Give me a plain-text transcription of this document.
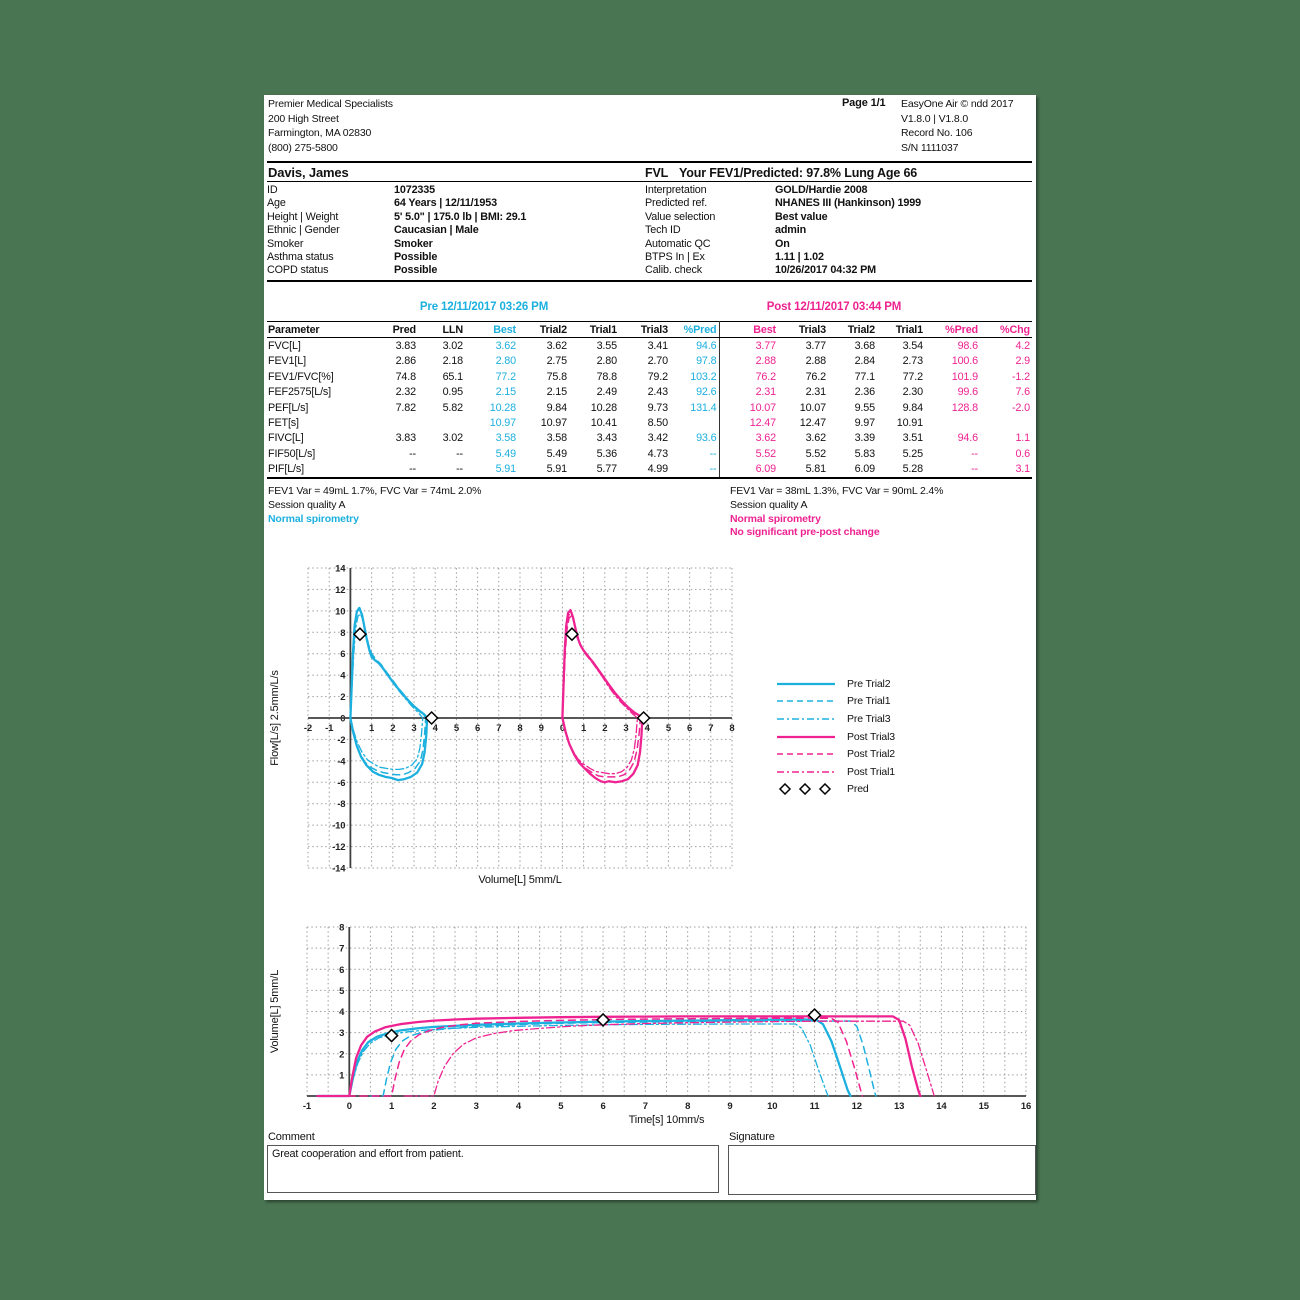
Premier Medical Specialists
200 High Street
Farmington, MA 02830
(800) 275-5800
Page 1/1 EasyOne Air © ndd 2017
V1.8.0 | V1.8.0
Record No. 106
S/N 1111037
Davis, James	FVL Your FEV1/Predicted: 97.8% Lung Age 66
ID	1072335
Age	64 Years | 12/11/1953
Height | Weight	5' 5.0" | 175.0 lb | BMI: 29.1
Ethnic | Gender	Caucasian | Male
Smoker	Smoker
Asthma status	Possible
COPD status	Possible
Interpretation	GOLD/Hardie 2008
Predicted ref.	NHANES III (Hankinson) 1999
Value selection	Best value
Tech ID	admin
Automatic QC	On
BTPS In | Ex	1.11 | 1.02
Calib. check	10/26/2017 04:32 PM
Pre 12/11/2017 03:26 PM	Post 12/11/2017 03:44 PM
Parameter	Pred	LLN	Best	Trial2	Trial1	Trial3	%Pred	Best	Trial3	Trial2	Trial1	%Pred	%Chg
FVC[L]	3.83	3.02	3.62	3.62	3.55	3.41	94.6	3.77	3.77	3.68	3.54	98.6	4.2
FEV1[L]	2.86	2.18	2.80	2.75	2.80	2.70	97.8	2.88	2.88	2.84	2.73	100.6	2.9
FEV1/FVC[%]	74.8	65.1	77.2	75.8	78.8	79.2	103.2	76.2	76.2	77.1	77.2	101.9	-1.2
FEF2575[L/s]	2.32	0.95	2.15	2.15	2.49	2.43	92.6	2.31	2.31	2.36	2.30	99.6	7.6
PEF[L/s]	7.82	5.82	10.28	9.84	10.28	9.73	131.4	10.07	10.07	9.55	9.84	128.8	-2.0
FET[s]			10.97	10.97	10.41	8.50		12.47	12.47	9.97	10.91		
FIVC[L]	3.83	3.02	3.58	3.58	3.43	3.42	93.6	3.62	3.62	3.39	3.51	94.6	1.1
FIF50[L/s]	--	--	5.49	5.49	5.36	4.73	--	5.52	5.52	5.83	5.25	--	0.6
PIF[L/s]	--	--	5.91	5.91	5.77	4.99	--	6.09	5.81	6.09	5.28	--	3.1
FEV1 Var = 49mL 1.7%, FVC Var = 74mL 2.0%
Session quality A
Normal spirometry
FEV1 Var = 38mL 1.3%, FVC Var = 90mL 2.4%
Session quality A
Normal spirometry
No significant pre-post change
-2 -1	1 2 3 4 5 6 7 8 9 0 1 2 3 4 5 6 7 8
14
12
10
8
6
4
2
0
-2
-4
-6
-8
-10
-12
-14
Volume[L] 5mm/L
Flow[L/s] 2.5mm/L/s	Pre Trial2
Pre Trial1
Pre Trial3
Post Trial3
Post Trial2
Post Trial1
Pred
-1	0	1	2	3	4	5	6	7	8	9	10	11	12	13	14	15	16
1
2
3
4
5
6
7
8
Time[s] 10mm/s
Volume[L] 5mm/L
Comment
Great cooperation and effort from patient.
Signature
